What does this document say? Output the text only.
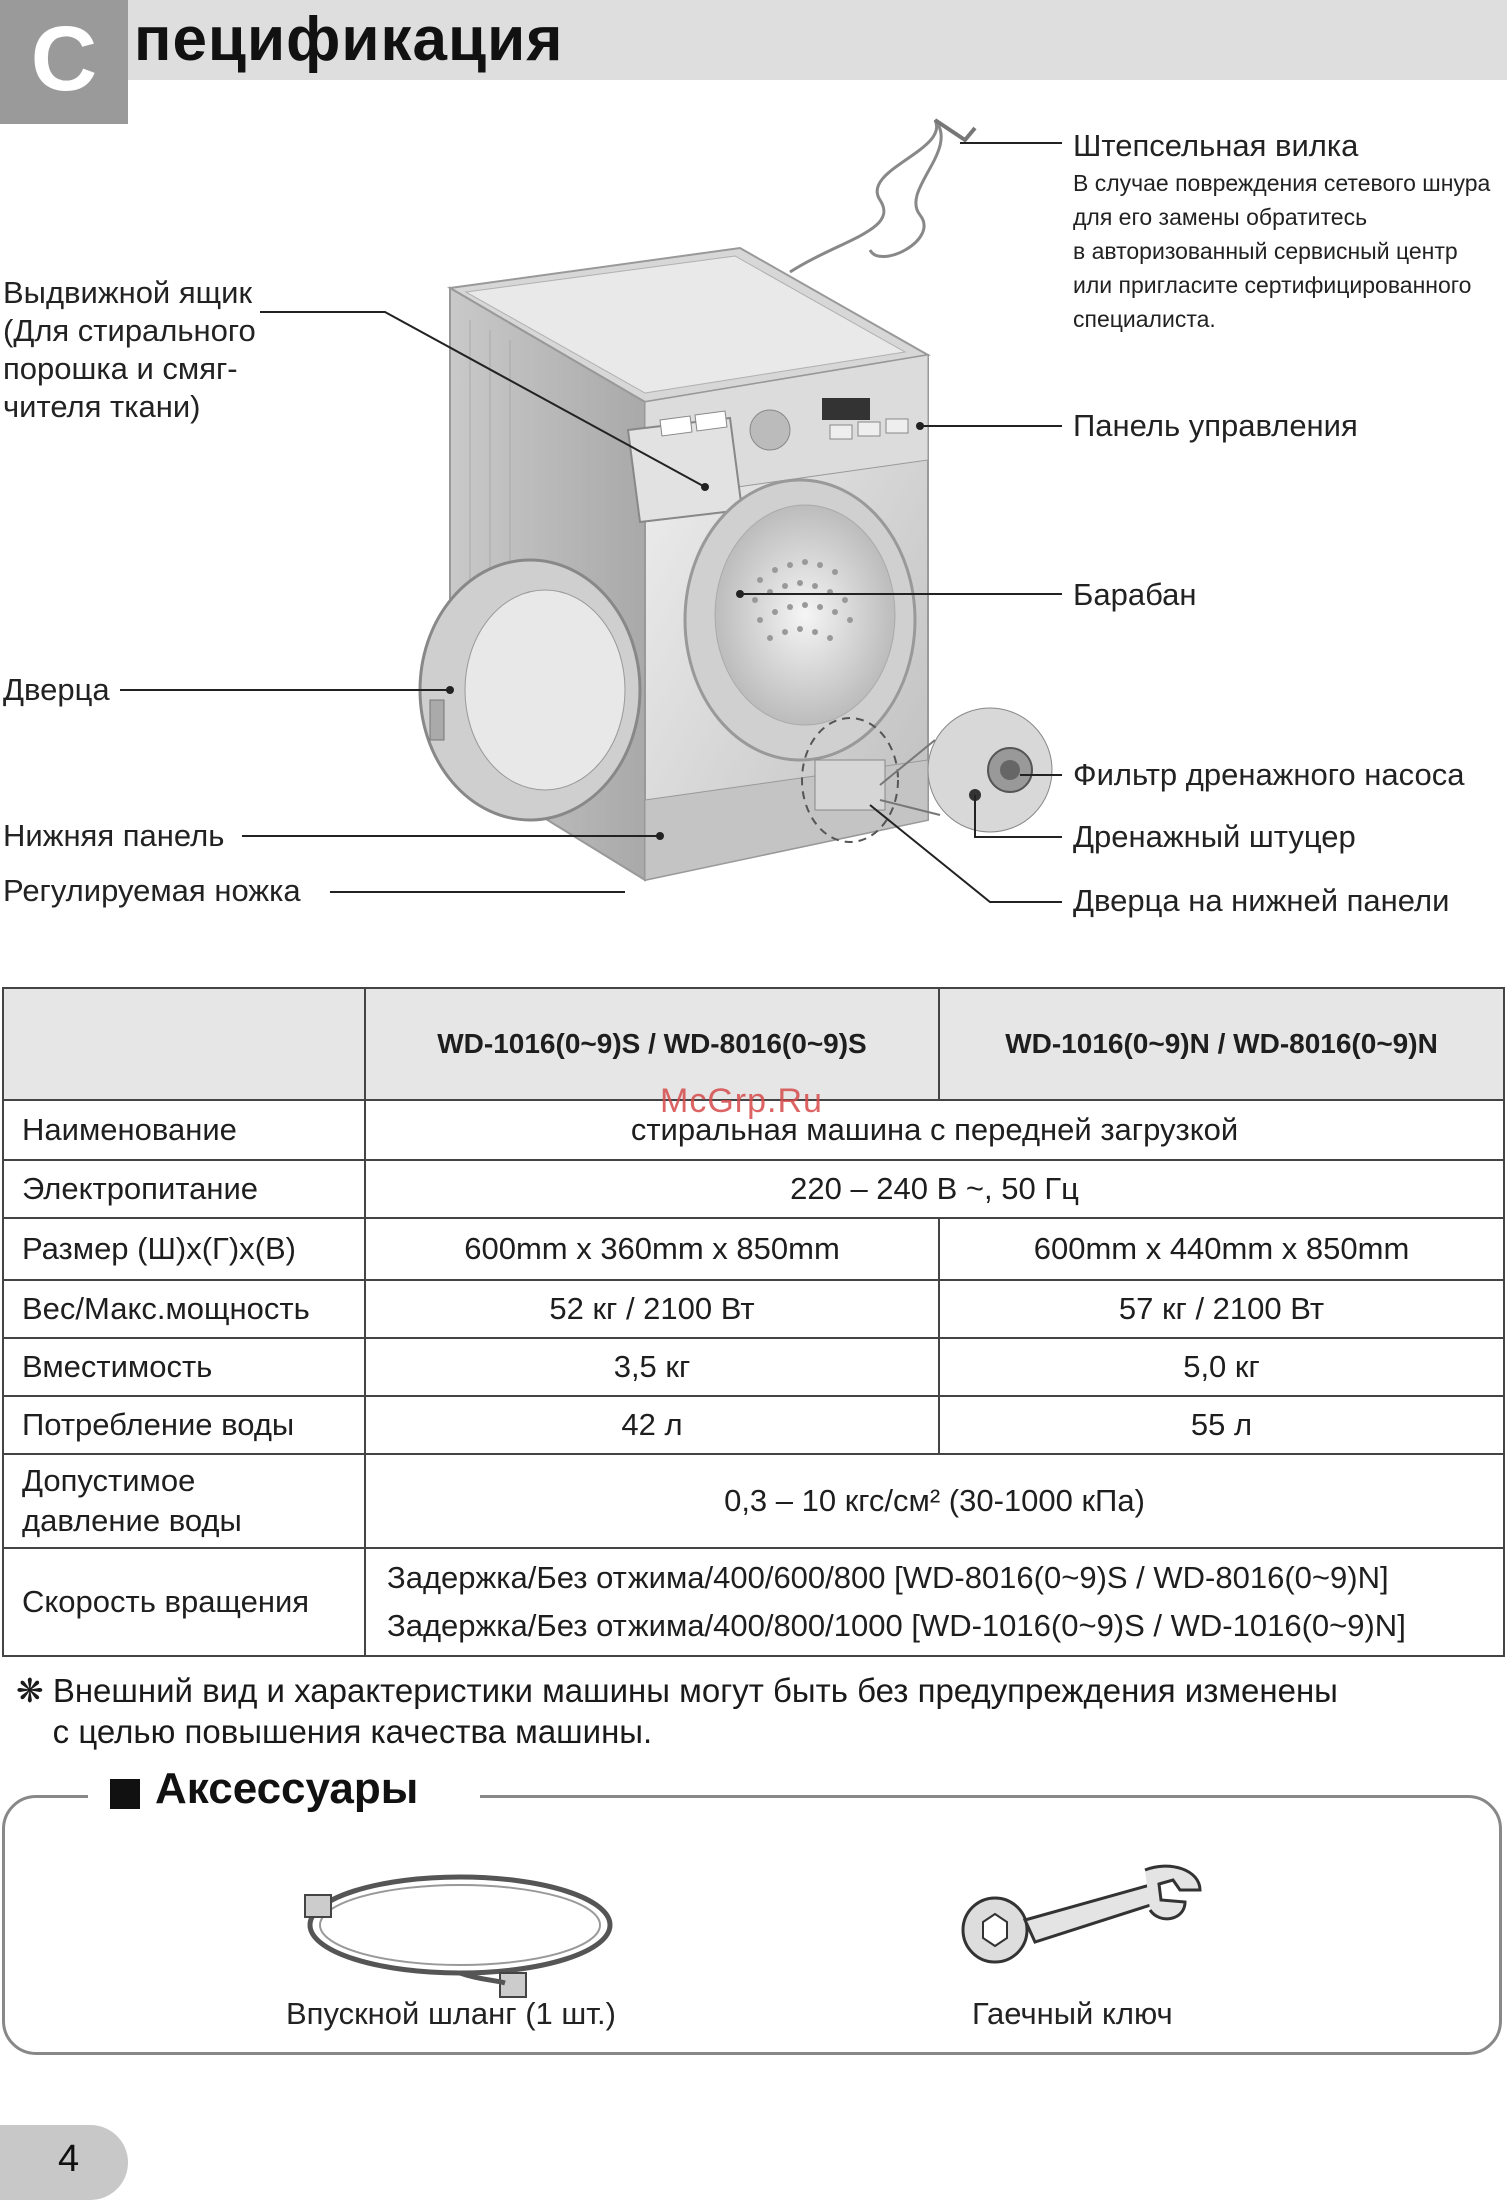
С пецификация
Штепсельная вилка
В случае повреждения сетевого шнура
для его замены обратитесь
в авторизованный сервисный центр
или пригласите сертифицированного
специалиста.
Выдвижной ящик
(Для стирального
порошка и смяг-
чителя ткани)
Панель управления
Барабан
Дверца
Фильтр дренажного насоса
Нижняя панель	Дренажный штуцер
Регулируемая ножка	Дверца на нижней панели
	WD-1016(0~9)S / WD-8016(0~9)S	WD-1016(0~9)N / WD-8016(0~9)N
Наименование	стиральная машина с передней загрузкой	
Электропитание	220 – 240 В ~, 50 Гц	
Размер (Ш)х(Г)х(В)	600mm x 360mm x 850mm	600mm x 440mm x 850mm
Вес/Макс.мощность	52 кг / 2100 Вт	57 кг / 2100 Вт
Вместимость	3,5 кг	5,0 кг
Потребление воды	42 л	55 л

Допустимое
давление воды	0,3 – 10 кгс/см² (30-1000 кПа)	
Скорость вращения	Задержка/Без отжима/400/600/800 [WD-8016(0~9)S / WD-8016(0~9)N]
Задержка/Без отжима/400/800/1000 [WD-1016(0~9)S / WD-1016(0~9)N]	
McGrp.Ru
❋ Внешний вид и характеристики машины могут быть без предупреждения изменены
с целью повышения качества машины.
Аксессуары
Впускной шланг (1 шт.)	Гаечный ключ
4
